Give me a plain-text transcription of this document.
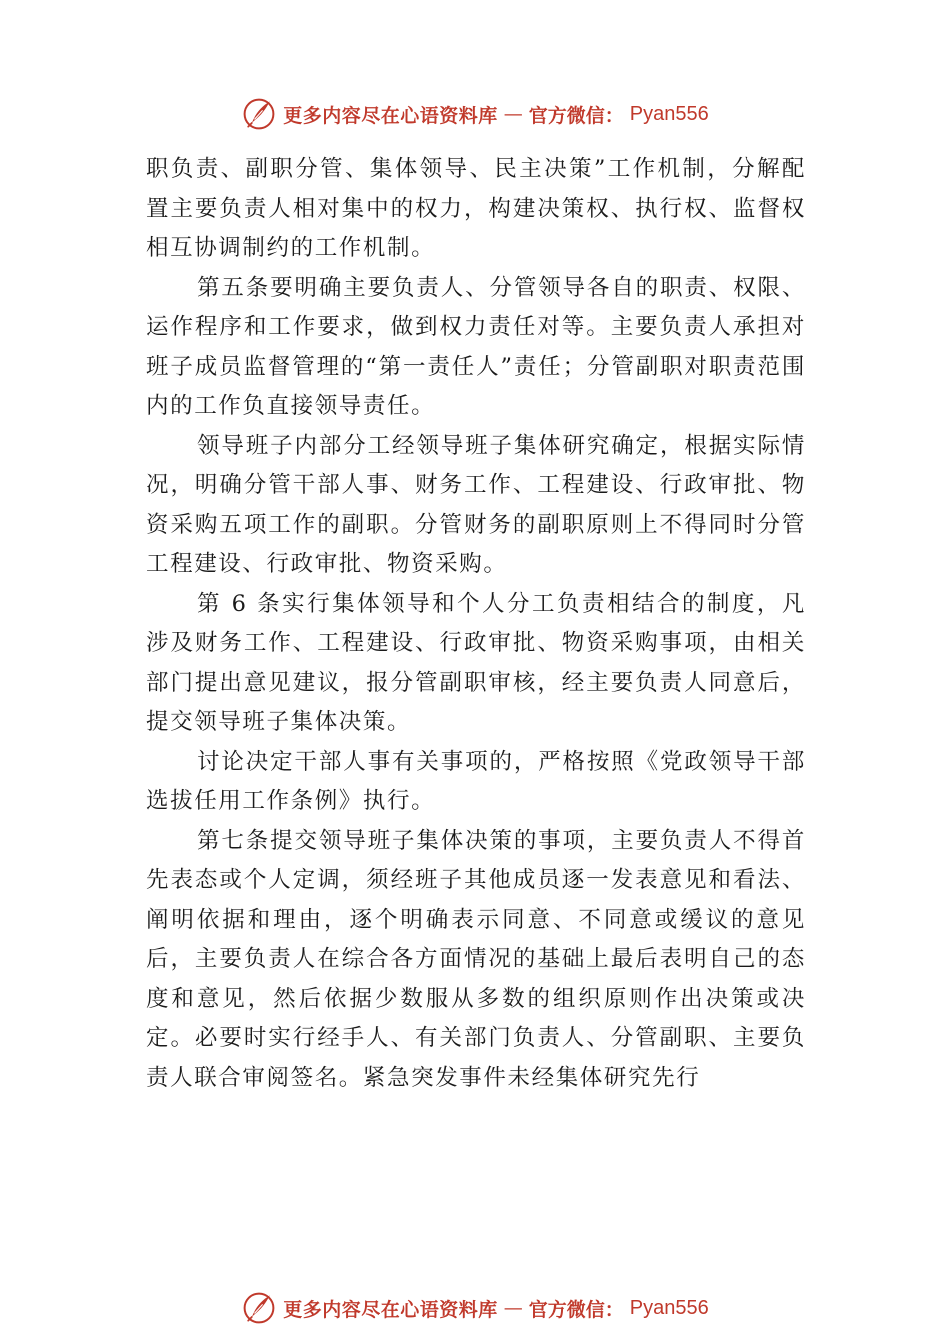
更多内容尽在心语资料库 — 官方微信： Pyan556

职负责、副职分管、集体领导、民主决策”工作机制，分解配置主要负责人相对集中的权力，构建决策权、执行权、监督权相互协调制约的工作机制。

第五条要明确主要负责人、分管领导各自的职责、权限、运作程序和工作要求，做到权力责任对等。主要负责人承担对班子成员监督管理的“第一责任人”责任；分管副职对职责范围内的工作负直接领导责任。

领导班子内部分工经领导班子集体研究确定，根据实际情况，明确分管干部人事、财务工作、工程建设、行政审批、物资采购五项工作的副职。分管财务的副职原则上不得同时分管工程建设、行政审批、物资采购。

第 6 条实行集体领导和个人分工负责相结合的制度，凡涉及财务工作、工程建设、行政审批、物资采购事项，由相关部门提出意见建议，报分管副职审核，经主要负责人同意后，提交领导班子集体决策。

讨论决定干部人事有关事项的，严格按照《党政领导干部选拔任用工作条例》执行。

第七条提交领导班子集体决策的事项，主要负责人不得首先表态或个人定调，须经班子其他成员逐一发表意见和看法、阐明依据和理由，逐个明确表示同意、不同意或缓议的意见后，主要负责人在综合各方面情况的基础上最后表明自己的态度和意见，然后依据少数服从多数的组织原则作出决策或决定。必要时实行经手人、有关部门负责人、分管副职、主要负责人联合审阅签名。紧急突发事件未经集体研究先行

更多内容尽在心语资料库 — 官方微信： Pyan556
